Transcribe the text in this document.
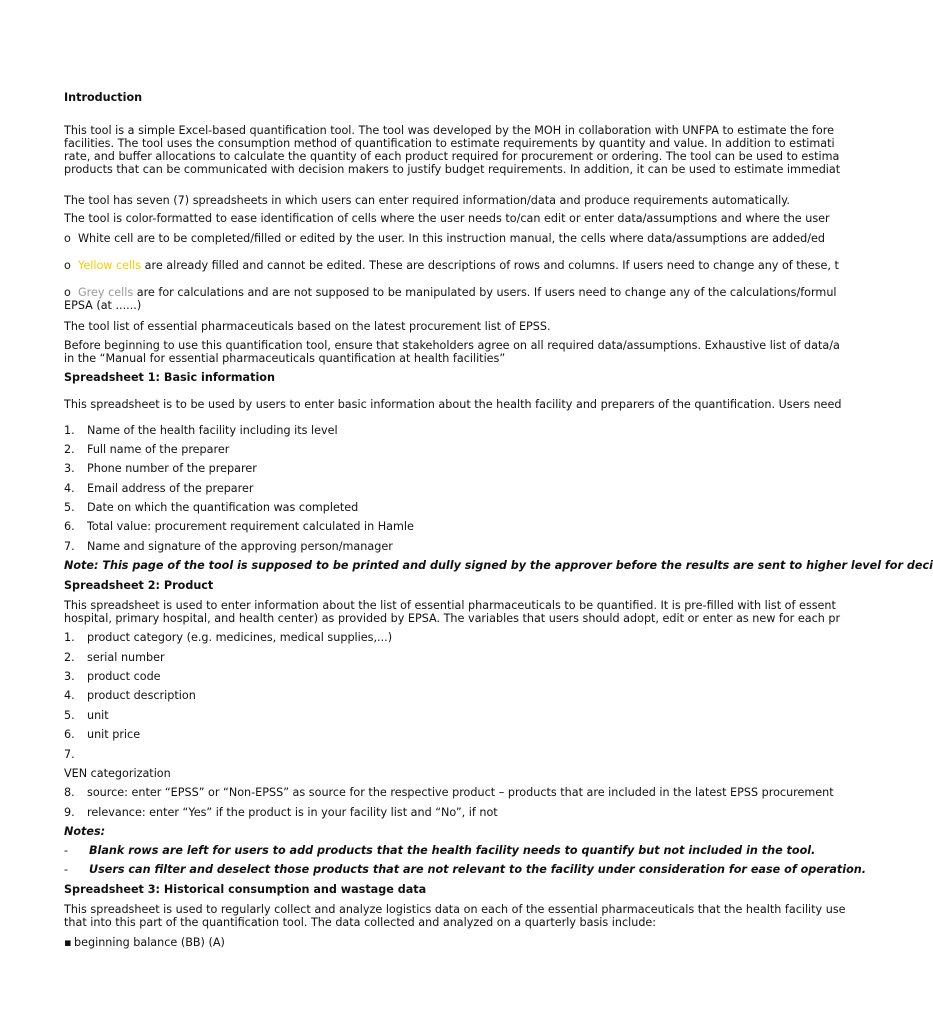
Introduction
This tool is a simple Excel-based quantification tool. The tool was developed by the MOH in collaboration with UNFPA to estimate the fore
facilities. The tool uses the consumption method of quantification to estimate requirements by quantity and value. In addition to estimati
rate, and buffer allocations to calculate the quantity of each product required for procurement or ordering. The tool can be used to estima
products that can be communicated with decision makers to justify budget requirements. In addition, it can be used to estimate immediat
The tool has seven (7) spreadsheets in which users can enter required information/data and produce requirements automatically.
The tool is color-formatted to ease identification of cells where the user needs to/can edit or enter data/assumptions and where the user
o White cell are to be completed/filled or edited by the user. In this instruction manual, the cells where data/assumptions are added/ed
o Yellow cells are already filled and cannot be edited. These are descriptions of rows and columns. If users need to change any of these, t
o Grey cells are for calculations and are not supposed to be manipulated by users. If users need to change any of the calculations/formul
EPSA (at ......)
The tool list of essential pharmaceuticals based on the latest procurement list of EPSS.
Before beginning to use this quantification tool, ensure that stakeholders agree on all required data/assumptions. Exhaustive list of data/a
in the “Manual for essential pharmaceuticals quantification at health facilities”
Spreadsheet 1: Basic information
This spreadsheet is to be used by users to enter basic information about the health facility and preparers of the quantification. Users need
1. Name of the health facility including its level
2. Full name of the preparer
3. Phone number of the preparer
4. Email address of the preparer
5. Date on which the quantification was completed
6. Total value: procurement requirement calculated in Hamle
7. Name and signature of the approving person/manager
Note: This page of the tool is supposed to be printed and dully signed by the approver before the results are sent to higher level for deci
Spreadsheet 2: Product
This spreadsheet is used to enter information about the list of essential pharmaceuticals to be quantified. It is pre-filled with list of essent
hospital, primary hospital, and health center) as provided by EPSA. The variables that users should adopt, edit or enter as new for each pr
1. product category (e.g. medicines, medical supplies,...)
2. serial number
3. product code
4. product description
5. unit
6. unit price
7.
VEN categorization
8. source: enter “EPSS” or “Non-EPSS” as source for the respective product – products that are included in the latest EPSS procurement
9. relevance: enter “Yes” if the product is in your facility list and “No”, if not
Notes:
- Blank rows are left for users to add products that the health facility needs to quantify but not included in the tool.
- Users can filter and deselect those products that are not relevant to the facility under consideration for ease of operation.
Spreadsheet 3: Historical consumption and wastage data
This spreadsheet is used to regularly collect and analyze logistics data on each of the essential pharmaceuticals that the health facility use
that into this part of the quantification tool. The data collected and analyzed on a quarterly basis include:
▪ beginning balance (BB) (A)
